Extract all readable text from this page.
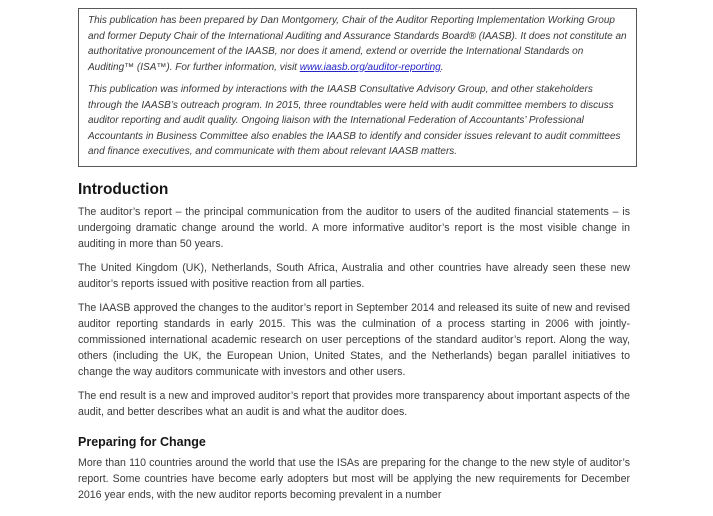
This publication has been prepared by Dan Montgomery, Chair of the Auditor Reporting Implementation Working Group and former Deputy Chair of the International Auditing and Assurance Standards Board® (IAASB). It does not constitute an authoritative pronouncement of the IAASB, nor does it amend, extend or override the International Standards on Auditing™ (ISA™). For further information, visit www.iaasb.org/auditor-reporting.

This publication was informed by interactions with the IAASB Consultative Advisory Group, and other stakeholders through the IAASB’s outreach program. In 2015, three roundtables were held with audit committee members to discuss auditor reporting and audit quality. Ongoing liaison with the International Federation of Accountants’ Professional Accountants in Business Committee also enables the IAASB to identify and consider issues relevant to audit committees and finance executives, and communicate with them about relevant IAASB matters.

Introduction

The auditor’s report – the principal communication from the auditor to users of the audited financial statements – is undergoing dramatic change around the world. A more informative auditor’s report is the most visible change in auditing in more than 50 years.

The United Kingdom (UK), Netherlands, South Africa, Australia and other countries have already seen these new auditor’s reports issued with positive reaction from all parties.

The IAASB approved the changes to the auditor’s report in September 2014 and released its suite of new and revised auditor reporting standards in early 2015. This was the culmination of a process starting in 2006 with jointly-commissioned international academic research on user perceptions of the standard auditor’s report. Along the way, others (including the UK, the European Union, United States, and the Netherlands) began parallel initiatives to change the way auditors communicate with investors and other users.

The end result is a new and improved auditor’s report that provides more transparency about important aspects of the audit, and better describes what an audit is and what the auditor does.

Preparing for Change

More than 110 countries around the world that use the ISAs are preparing for the change to the new style of auditor’s report. Some countries have become early adopters but most will be applying the new requirements for December 2016 year ends, with the new auditor reports becoming prevalent in a number
